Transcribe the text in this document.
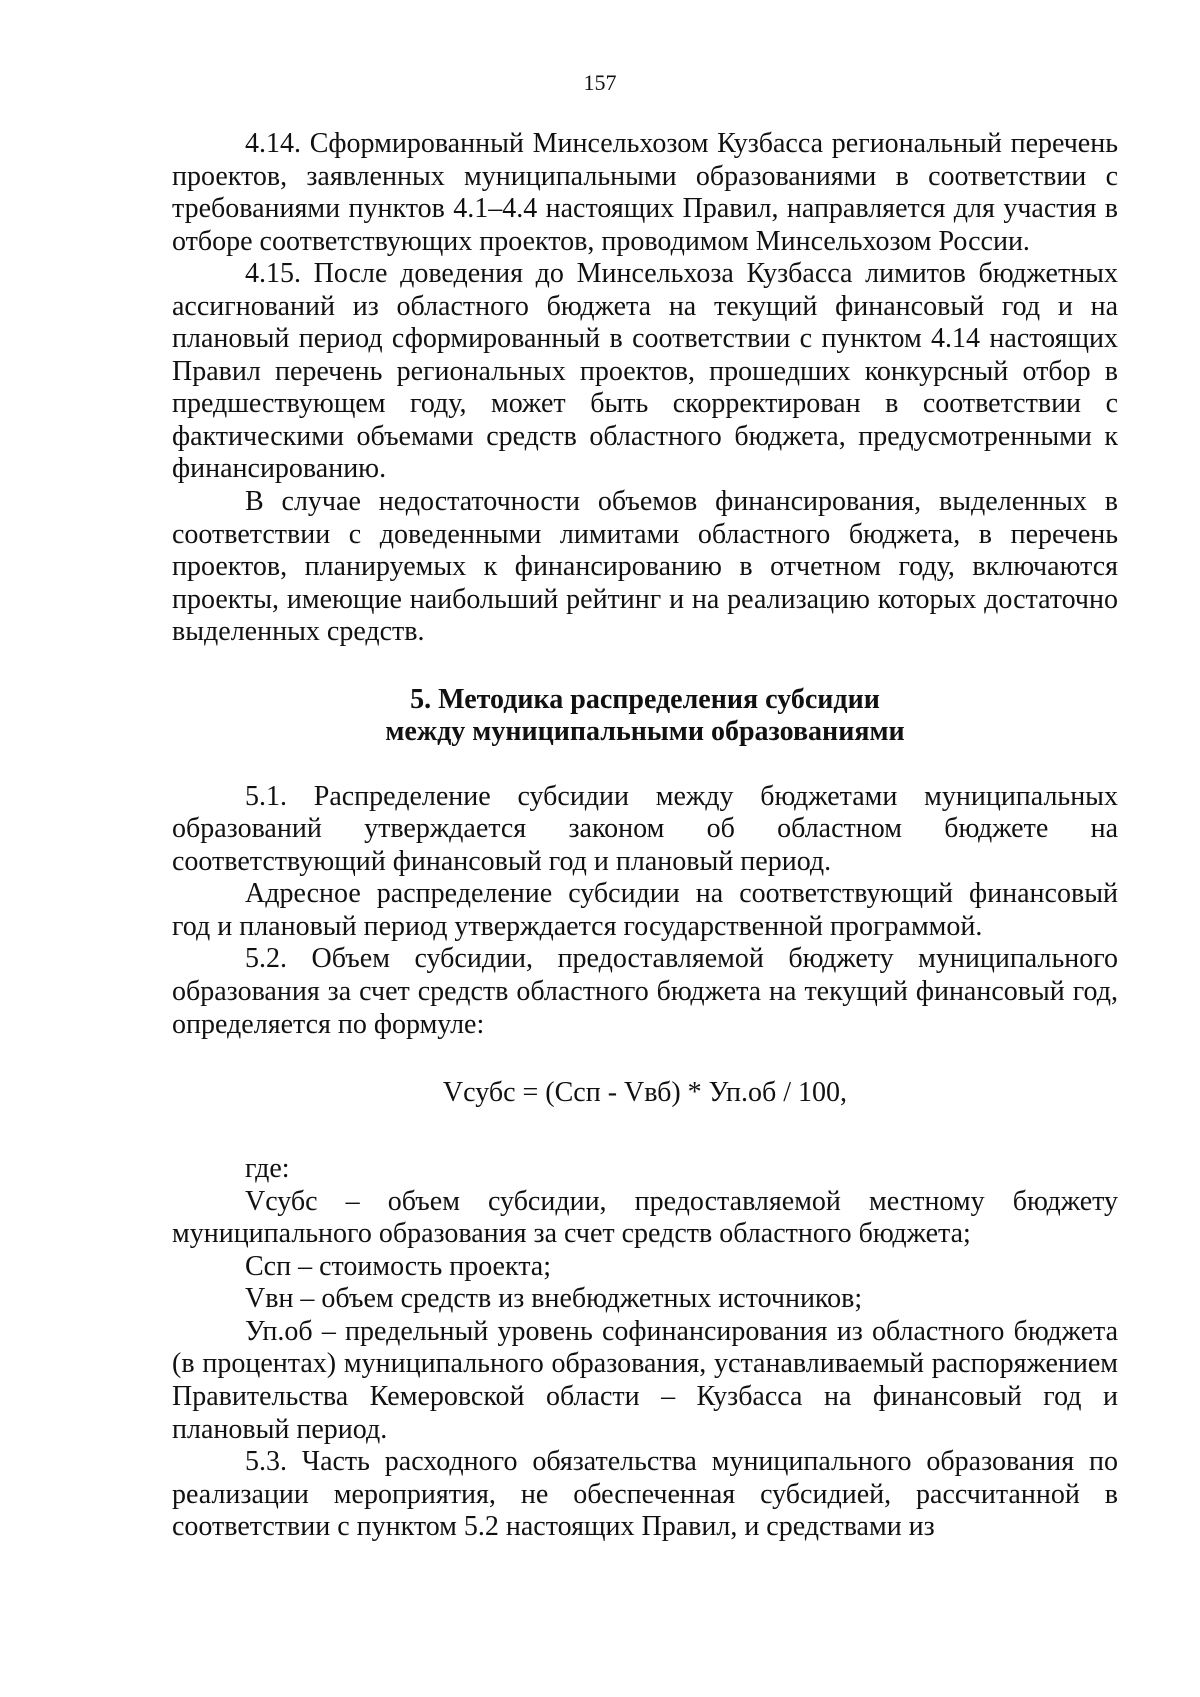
157

4.14. Сформированный Минсельхозом Кузбасса региональный перечень проектов, заявленных муниципальными образованиями в соответствии с требованиями пунктов 4.1–4.4 настоящих Правил, направляется для участия в отборе соответствующих проектов, проводимом Минсельхозом России.

4.15. После доведения до Минсельхоза Кузбасса лимитов бюджетных ассигнований из областного бюджета на текущий финансовый год и на плановый период сформированный в соответствии с пунктом 4.14 настоящих Правил перечень региональных проектов, прошедших конкурсный отбор в предшествующем году, может быть скорректирован в соответствии с фактическими объемами средств областного бюджета, предусмотренными к финансированию.

В случае недостаточности объемов финансирования, выделенных в соответствии с доведенными лимитами областного бюджета, в перечень проектов, планируемых к финансированию в отчетном году, включаются проекты, имеющие наибольший рейтинг и на реализацию которых достаточно выделенных средств.

5. Методика распределения субсидии

между муниципальными образованиями

5.1. Распределение субсидии между бюджетами муниципальных образований утверждается законом об областном бюджете на соответствующий финансовый год и плановый период.

Адресное распределение субсидии на соответствующий финансовый год и плановый период утверждается государственной программой.

5.2. Объем субсидии, предоставляемой бюджету муниципального образования за счет средств областного бюджета на текущий финансовый год, определяется по формуле:

Vсубс = (Cсп - Vвб) * Уп.об / 100,

где:

Vсубс – объем субсидии, предоставляемой местному бюджету муниципального образования за счет средств областного бюджета;

Cсп – стоимость проекта;

Vвн – объем средств из внебюджетных источников;

Уп.об – предельный уровень софинансирования из областного бюджета (в процентах) муниципального образования, устанавливаемый распоряжением Правительства Кемеровской области – Кузбасса на финансовый год и плановый период.

5.3. Часть расходного обязательства муниципального образования по реализации мероприятия, не обеспеченная субсидией, рассчитанной в соответствии с пунктом 5.2 настоящих Правил, и средствами из
